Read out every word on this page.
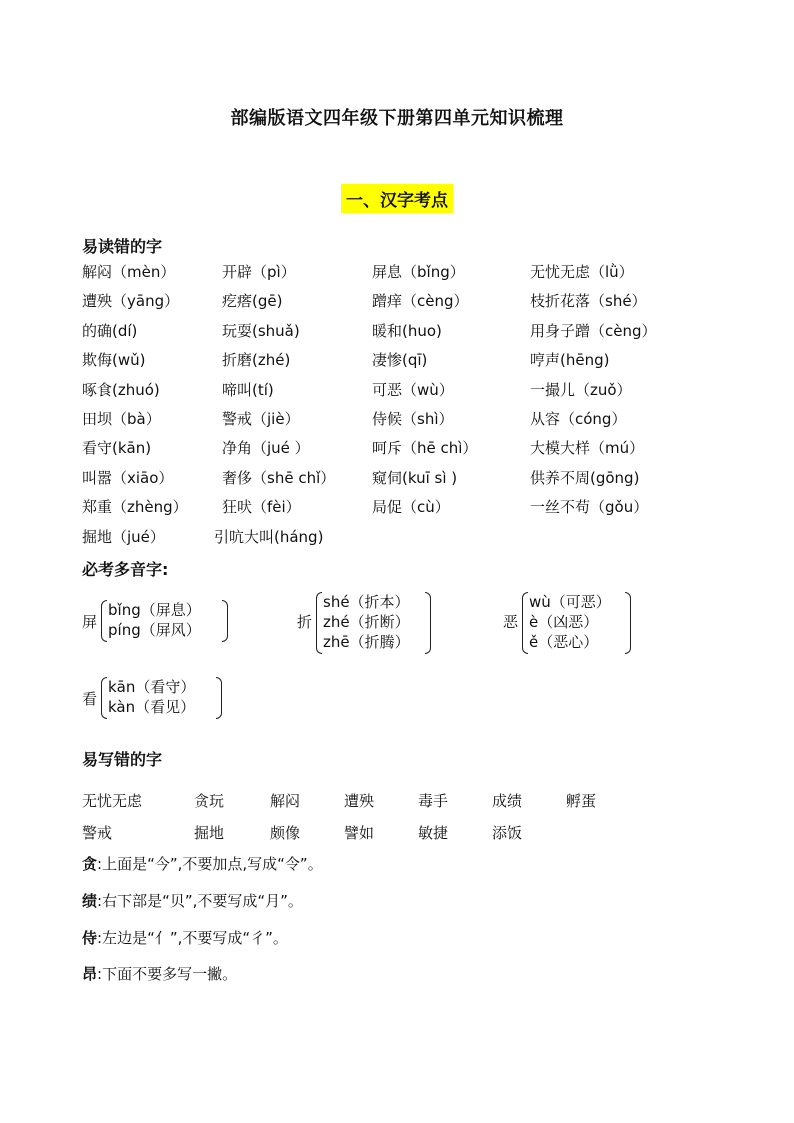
部编版语文四年级下册第四单元知识梳理
一、汉字考点
易读错的字
解闷（mèn）	开辟（pì）	屏息（bǐng）	无忧无虑（lǜ）
遭殃（yāng）	疙瘩(gē)	蹭痒（cèng）	枝折花落（shé）
的确(dí)	玩耍(shuǎ)	暖和(huo)	用身子蹭（cèng）
欺侮(wǔ)	折磨(zhé)	凄惨(qī)	哼声(hēng)
啄食(zhuó)	啼叫(tí)	可恶（wù）	一撮儿（zuǒ）
田坝（bà）	警戒（jiè）	侍候（shì）	从容（cóng）
看守(kān)	净角（jué ）	呵斥（hē chì）	大模大样（mú）
叫嚣（xiāo）	奢侈（shē chǐ） 窥伺(kuī sì )	供养不周(gōng)
郑重（zhèng） 狂吠（fèi）	局促（cù）	一丝不苟（gǒu）
掘地（jué）	引吭大叫(háng)
必考多音字:
屏
bǐng（屏息）
píng（屏风）	折
shé（折本）
zhé（折断）
zhē（折腾）
恶
wù（可恶）
è（凶恶）
ě（恶心）
看
kān（看守）
kàn（看见）
易写错的字
无忧无虑	贪玩	解闷	遭殃	毒手	成绩	孵蛋
警戒	掘地	颇像	譬如	敏捷	添饭
贪:上面是“今”,不要加点,写成“令”。
绩:右下部是“贝”,不要写成“月”。
侍:左边是“亻”,不要写成“彳”。
昂:下面不要多写一撇。
